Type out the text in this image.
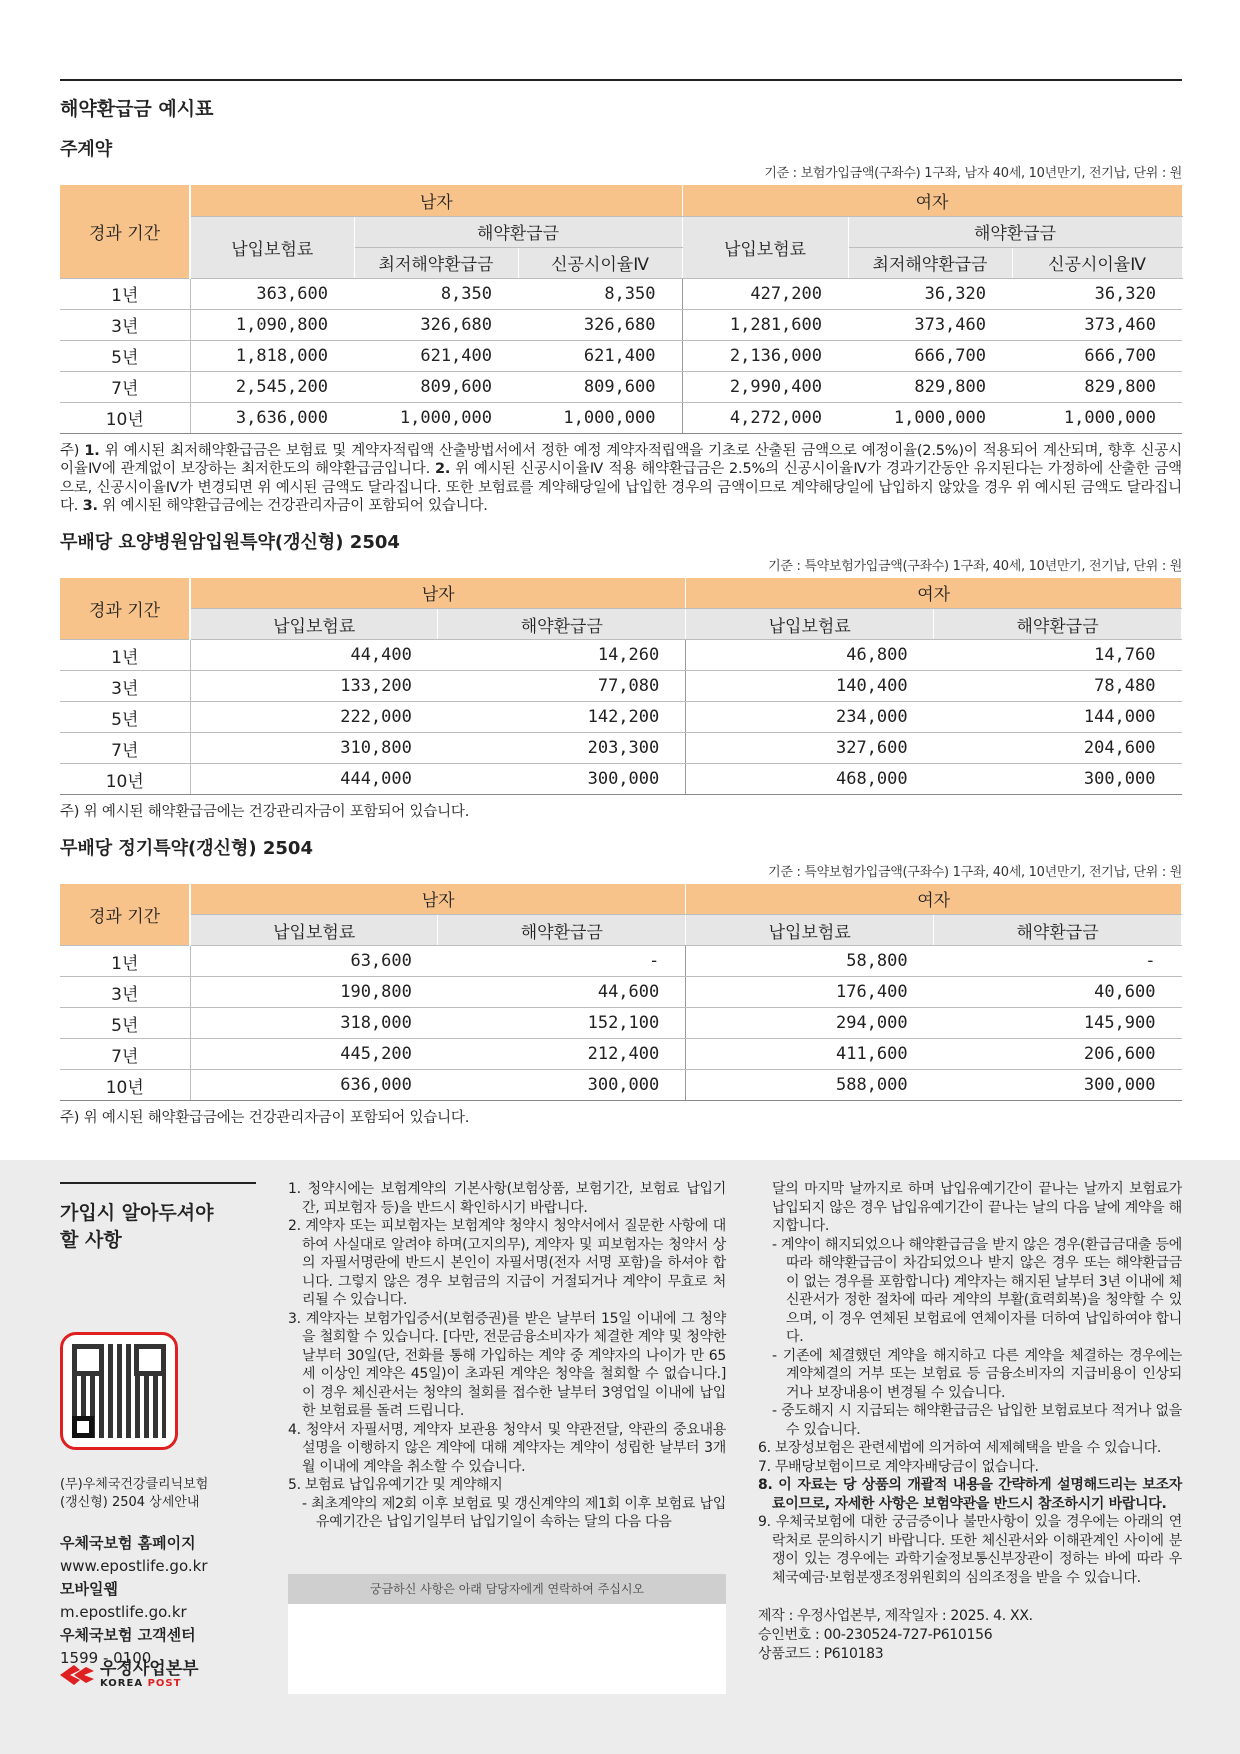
해약환급금 예시표
주계약
기준 : 보험가입금액(구좌수) 1구좌, 남자 40세, 10년만기, 전기납, 단위 : 원
경과 기간	남자			여자		
	납입보험료	해약환급금		납입보험료	해약환급금	
		최저해약환급금	신공시이율Ⅳ		최저해약환급금	신공시이율Ⅳ
1년	363,600	8,350	8,350	427,200	36,320	36,320
3년	1,090,800	326,680	326,680	1,281,600	373,460	373,460
5년	1,818,000	621,400	621,400	2,136,000	666,700	666,700
7년	2,545,200	809,600	809,600	2,990,400	829,800	829,800
10년	3,636,000	1,000,000	1,000,000	4,272,000	1,000,000	1,000,000

주) 1. 위 예시된 최저해약환급금은 보험료 및 계약자적립액 산출방법서에서 정한 예정 계약자적립액을 기초로 산출된 금액으로 예정이율(2.5%)이 적용되어 계산되며, 향후 신공시이율Ⅳ에 관계없이 보장하는 최저한도의 해약환급금입니다. 2. 위 예시된 신공시이율Ⅳ 적용 해약환급금은 2.5%의 신공시이율Ⅳ가 경과기간동안 유지된다는 가정하에 산출한 금액으로, 신공시이율Ⅳ가 변경되면 위 예시된 금액도 달라집니다. 또한 보험료를 계약해당일에 납입한 경우의 금액이므로 계약해당일에 납입하지 않았을 경우 위 예시된 금액도 달라집니다. 3. 위 예시된 해약환급금에는 건강관리자금이 포함되어 있습니다.

무배당 요양병원암입원특약(갱신형) 2504
기준 : 특약보험가입금액(구좌수) 1구좌, 40세, 10년만기, 전기납, 단위 : 원
경과 기간	남자		여자	
	납입보험료	해약환급금	납입보험료	해약환급금
1년	44,400	14,260	46,800	14,760
3년	133,200	77,080	140,400	78,480
5년	222,000	142,200	234,000	144,000
7년	310,800	203,300	327,600	204,600
10년	444,000	300,000	468,000	300,000

주) 위 예시된 해약환급금에는 건강관리자금이 포함되어 있습니다.

무배당 정기특약(갱신형) 2504
기준 : 특약보험가입금액(구좌수) 1구좌, 40세, 10년만기, 전기납, 단위 : 원
경과 기간	남자		여자	
	납입보험료	해약환급금	납입보험료	해약환급금
1년	63,600	-	58,800	-
3년	190,800	44,600	176,400	40,600
5년	318,000	152,100	294,000	145,900
7년	445,200	212,400	411,600	206,600
10년	636,000	300,000	588,000	300,000

주) 위 예시된 해약환급금에는 건강관리자금이 포함되어 있습니다.

가입시 알아두셔야
할 사항
(무)우체국건강클리닉보험
(갱신형) 2504 상세안내
우체국보험 홈페이지
www.epostlife.go.kr
모바일웹
m.epostlife.go.kr
우체국보험 고객센터
1599 - 0100
우정사업본부
KOREA POST
1. 청약시에는 보험계약의 기본사항(보험상품, 보험기간, 보험료 납입기간, 피보험자 등)을 반드시 확인하시기 바랍니다.
2. 계약자 또는 피보험자는 보험계약 청약시 청약서에서 질문한 사항에 대하여 사실대로 알려야 하며(고지의무), 계약자 및 피보험자는 청약서 상의 자필서명란에 반드시 본인이 자필서명(전자 서명 포함)을 하셔야 합니다. 그렇지 않은 경우 보험금의 지급이 거절되거나 계약이 무효로 처리될 수 있습니다.
3. 계약자는 보험가입증서(보험증권)를 받은 날부터 15일 이내에 그 청약을 철회할 수 있습니다. [다만, 전문금융소비자가 체결한 계약 및 청약한 날부터 30일(단, 전화를 통해 가입하는 계약 중 계약자의 나이가 만 65세 이상인 계약은 45일)이 초과된 계약은 청약을 철회할 수 없습니다.] 이 경우 체신관서는 청약의 철회를 접수한 날부터 3영업일 이내에 납입한 보험료를 돌려 드립니다.
4. 청약서 자필서명, 계약자 보관용 청약서 및 약관전달, 약관의 중요내용 설명을 이행하지 않은 계약에 대해 계약자는 계약이 성립한 날부터 3개월 이내에 계약을 취소할 수 있습니다.
5. 보험료 납입유예기간 및 계약해지
- 최초계약의 제2회 이후 보험료 및 갱신계약의 제1회 이후 보험료 납입유예기간은 납입기일부터 납입기일이 속하는 달의 다음 다음
궁금하신 사항은 아래 담당자에게 연락하여 주십시오
달의 마지막 날까지로 하며 납입유예기간이 끝나는 날까지 보험료가 납입되지 않은 경우 납입유예기간이 끝나는 날의 다음 날에 계약을 해지합니다.
- 계약이 해지되었으나 해약환급금을 받지 않은 경우(환급금대출 등에 따라 해약환급금이 차감되었으나 받지 않은 경우 또는 해약환급금이 없는 경우를 포함합니다) 계약자는 해지된 날부터 3년 이내에 체신관서가 정한 절차에 따라 계약의 부활(효력회복)을 청약할 수 있으며, 이 경우 연체된 보험료에 연체이자를 더하여 납입하여야 합니다.
- 기존에 체결했던 계약을 해지하고 다른 계약을 체결하는 경우에는 계약체결의 거부 또는 보험료 등 금융소비자의 지급비용이 인상되거나 보장내용이 변경될 수 있습니다.
- 중도해지 시 지급되는 해약환급금은 납입한 보험료보다 적거나 없을 수 있습니다.
6. 보장성보험은 관련세법에 의거하여 세제혜택을 받을 수 있습니다.
7. 무배당보험이므로 계약자배당금이 없습니다.
8. 이 자료는 당 상품의 개괄적 내용을 간략하게 설명해드리는 보조자료이므로, 자세한 사항은 보험약관을 반드시 참조하시기 바랍니다.
9. 우체국보험에 대한 궁금증이나 불만사항이 있을 경우에는 아래의 연락처로 문의하시기 바랍니다. 또한 체신관서와 이해관계인 사이에 분쟁이 있는 경우에는 과학기술정보통신부장관이 정하는 바에 따라 우체국예금·보험분쟁조정위원회의 심의조정을 받을 수 있습니다.
제작 : 우정사업본부, 제작일자 : 2025. 4. XX.
승인번호 : 00-230524-727-P610156
상품코드 : P610183
